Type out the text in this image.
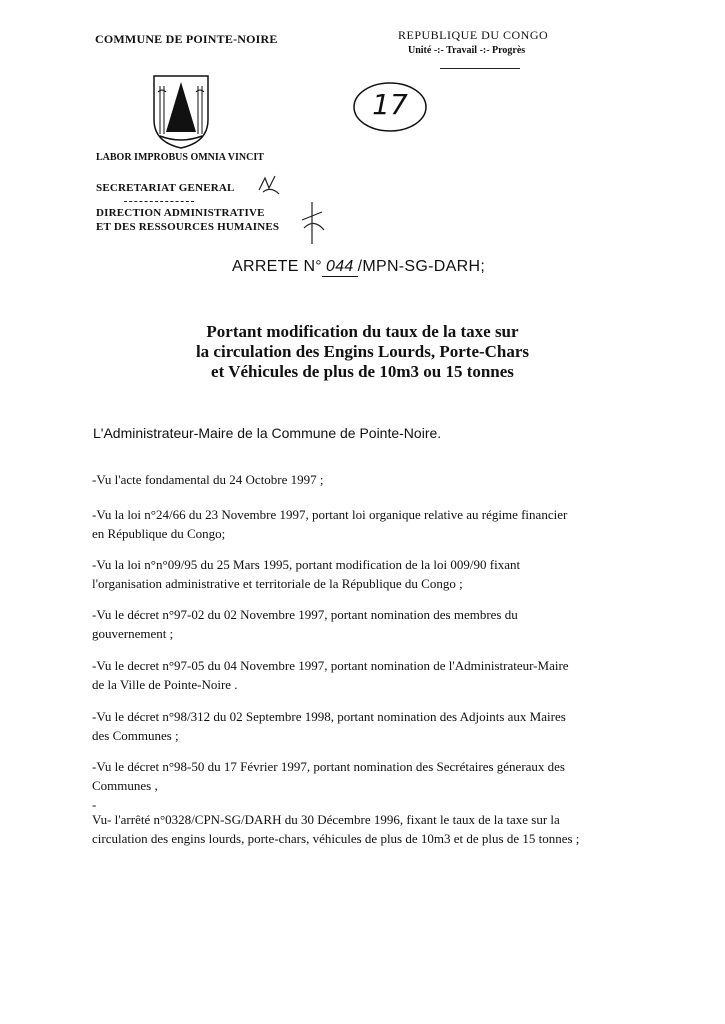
COMMUNE DE POINTE-NOIRE	REPUBLIQUE DU CONGO
Unité -:- Travail -:- Progrès
LABOR IMPROBUS OMNIA VINCIT
SECRETARIAT GENERAL
DIRECTION ADMINISTRATIVE
ET DES RESSOURCES HUMAINES
17
ARRETE N° 044 /MPN-SG-DARH;
Portant modification du taux de la taxe sur
la circulation des Engins Lourds, Porte-Chars
et Véhicules de plus de 10m3 ou 15 tonnes
L'Administrateur-Maire de la Commune de Pointe-Noire.
-Vu l'acte fondamental du 24 Octobre 1997 ;
-Vu la loi n°24/66 du 23 Novembre 1997, portant loi organique relative au régime financier
en République du Congo;
-Vu la loi n°n°09/95 du 25 Mars 1995, portant modification de la loi 009/90 fixant
l'organisation administrative et territoriale de la République du Congo ;
-Vu le décret n°97-02 du 02 Novembre 1997, portant nomination des membres du
gouvernement ;
-Vu le decret n°97-05 du 04 Novembre 1997, portant nomination de l'Administrateur-Maire
de la Ville de Pointe-Noire .
-Vu le décret n°98/312 du 02 Septembre 1998, portant nomination des Adjoints aux Maires
des Communes ;
-Vu le décret n°98-50 du 17 Février 1997, portant nomination des Secrétaires géneraux des
Communes ,
-
Vu- l'arrêté n°0328/CPN-SG/DARH du 30 Décembre 1996, fixant le taux de la taxe sur la
circulation des engins lourds, porte-chars, véhicules de plus de 10m3 et de plus de 15 tonnes ;
